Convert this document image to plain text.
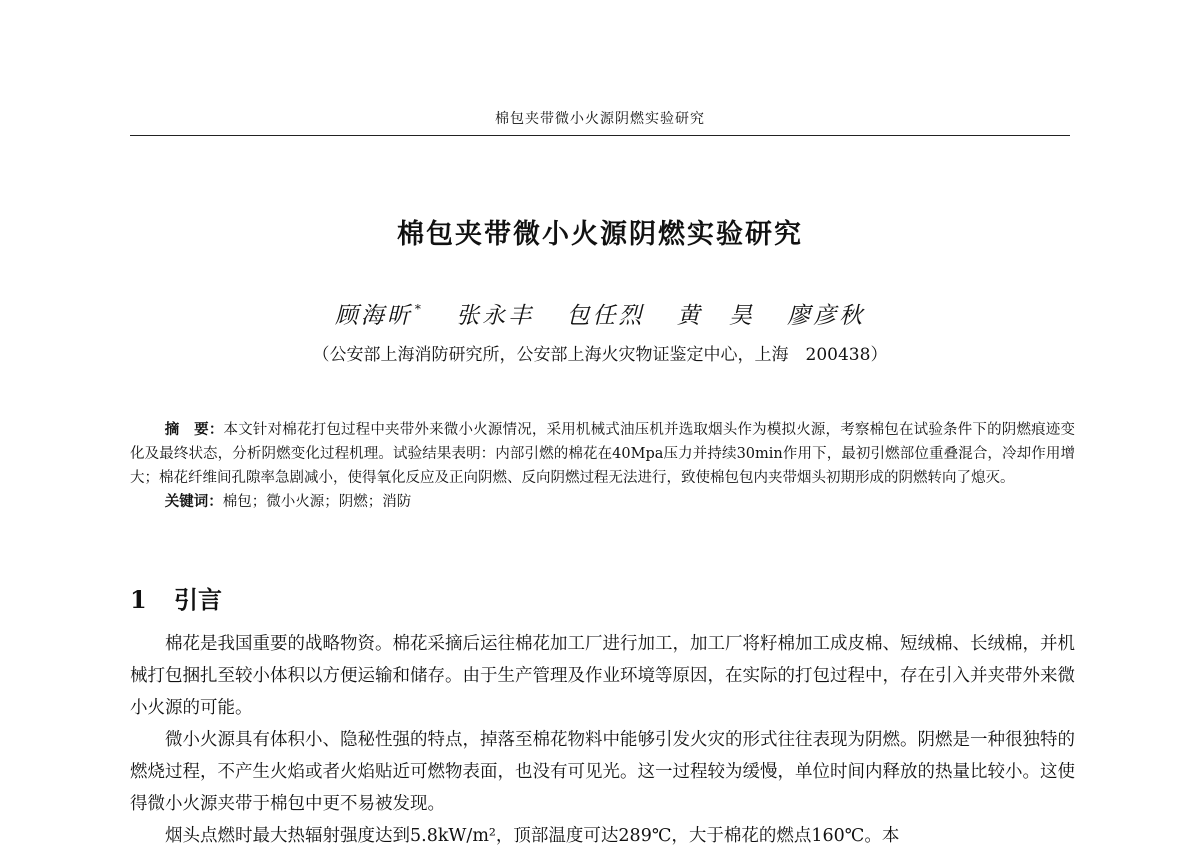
棉包夹带微小火源阴燃实验研究
棉包夹带微小火源阴燃实验研究
顾海昕 * 张永丰 包任烈 黄　昊 廖彦秋
（公安部上海消防研究所，公安部上海火灾物证鉴定中心，上海　200438）

摘　要：本文针对棉花打包过程中夹带外来微小火源情况，采用机械式油压机并选取烟头作为模拟火源，考察棉包在试验条件下的阴燃痕迹变化及最终状态，分析阴燃变化过程机理。试验结果表明：内部引燃的棉花在40Mpa压力并持续30min作用下，最初引燃部位重叠混合，冷却作用增大；棉花纤维间孔隙率急剧减小，使得氧化反应及正向阴燃、反向阴燃过程无法进行，致使棉包包内夹带烟头初期形成的阴燃转向了熄灭。

关键词：棉包；微小火源；阴燃；消防

1 引言

棉花是我国重要的战略物资。棉花采摘后运往棉花加工厂进行加工，加工厂将籽棉加工成皮棉、短绒棉、长绒棉，并机械打包捆扎至较小体积以方便运输和储存。由于生产管理及作业环境等原因，在实际的打包过程中，存在引入并夹带外来微小火源的可能。

微小火源具有体积小、隐秘性强的特点，掉落至棉花物料中能够引发火灾的形式往往表现为阴燃。阴燃是一种很独特的燃烧过程，不产生火焰或者火焰贴近可燃物表面，也没有可见光。这一过程较为缓慢，单位时间内释放的热量比较小。这使得微小火源夹带于棉包中更不易被发现。

烟头点燃时最大热辐射强度达到5.8kW/m²，顶部温度可达289℃，大于棉花的燃点160℃。本
